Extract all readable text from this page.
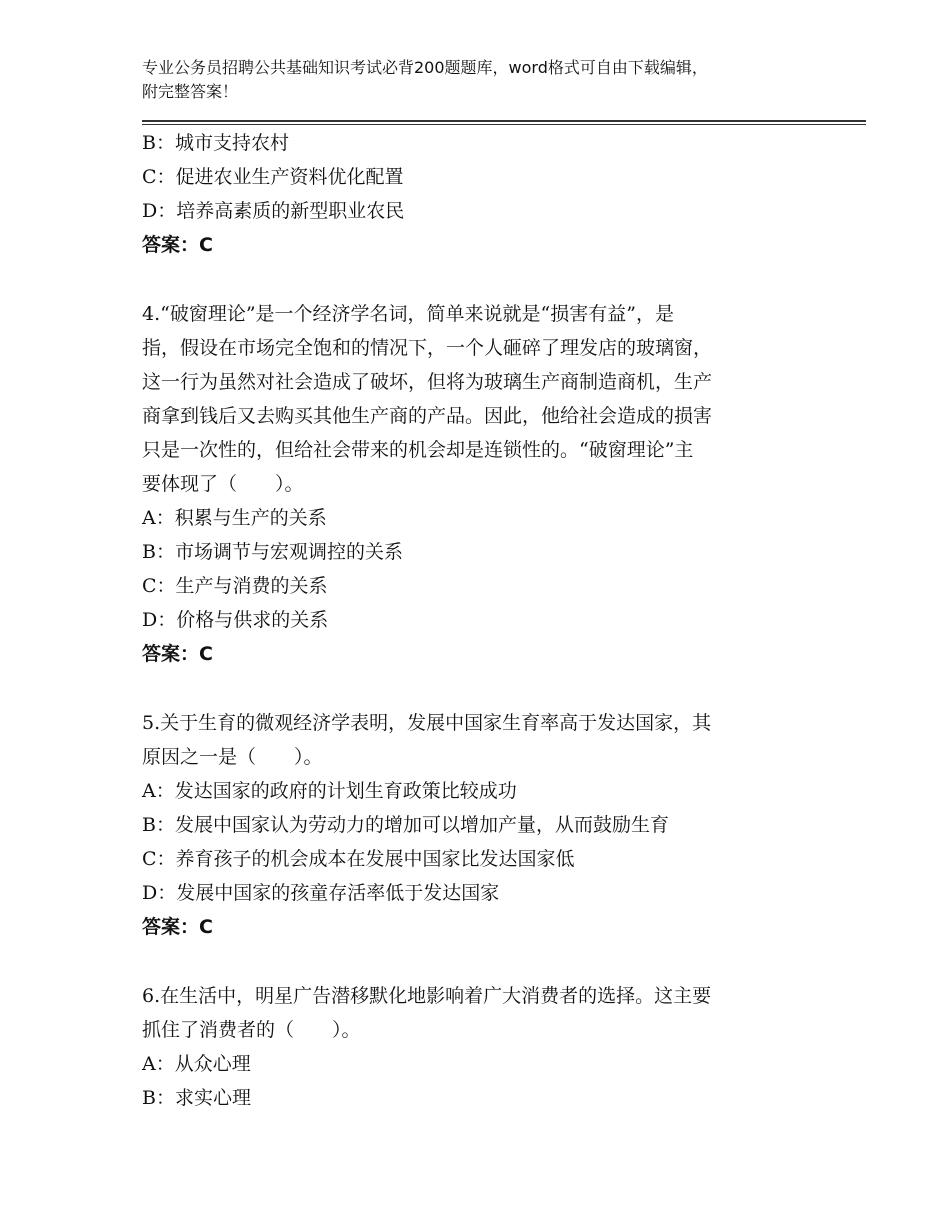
专业公务员招聘公共基础知识考试必背200题题库，word格式可自由下载编辑，
附完整答案！
B：城市支持农村
C：促进农业生产资料优化配置
D：培养高素质的新型职业农民
答案：C
4.“破窗理论”是一个经济学名词，简单来说就是“损害有益”，是
指，假设在市场完全饱和的情况下，一个人砸碎了理发店的玻璃窗，
这一行为虽然对社会造成了破坏，但将为玻璃生产商制造商机，生产
商拿到钱后又去购买其他生产商的产品。因此，他给社会造成的损害
只是一次性的，但给社会带来的机会却是连锁性的。“破窗理论”主
要体现了（　　）。
A：积累与生产的关系
B：市场调节与宏观调控的关系
C：生产与消费的关系
D：价格与供求的关系
答案：C
5.关于生育的微观经济学表明，发展中国家生育率高于发达国家，其
原因之一是（　　）。
A：发达国家的政府的计划生育政策比较成功
B：发展中国家认为劳动力的增加可以增加产量，从而鼓励生育
C：养育孩子的机会成本在发展中国家比发达国家低
D：发展中国家的孩童存活率低于发达国家
答案：C
6.在生活中，明星广告潜移默化地影响着广大消费者的选择。这主要
抓住了消费者的（　　）。
A：从众心理
B：求实心理
